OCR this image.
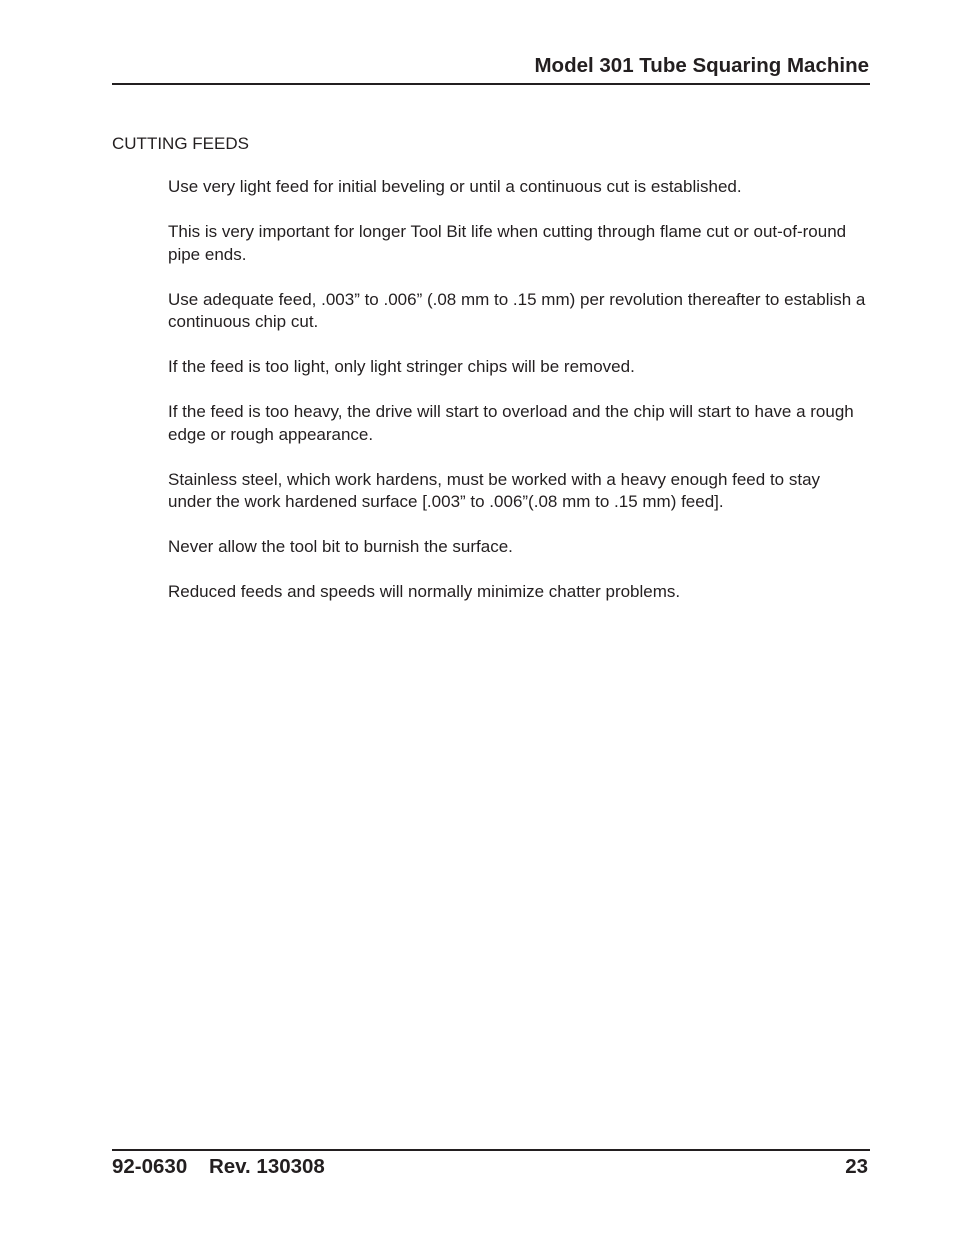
Model 301 Tube Squaring Machine
CUTTING FEEDS

Use very light feed for initial beveling or until a continuous cut is established.

This is very important for longer Tool Bit life when cutting through flame cut or out-of-round pipe ends.

Use adequate feed, .003” to .006” (.08 mm to .15 mm) per revolution thereafter to establish a continuous chip cut.

If the feed is too light, only light stringer chips will be removed.

If the feed is too heavy, the drive will start to overload and the chip will start to have a rough edge or rough appearance.

Stainless steel, which work hardens, must be worked with a heavy enough feed to stay under the work hardened surface [.003” to .006”(.08 mm to .15 mm) feed].

Never allow the tool bit to burnish the surface.

Reduced feeds and speeds will normally minimize chatter problems.

92-0630 Rev. 130308	23
